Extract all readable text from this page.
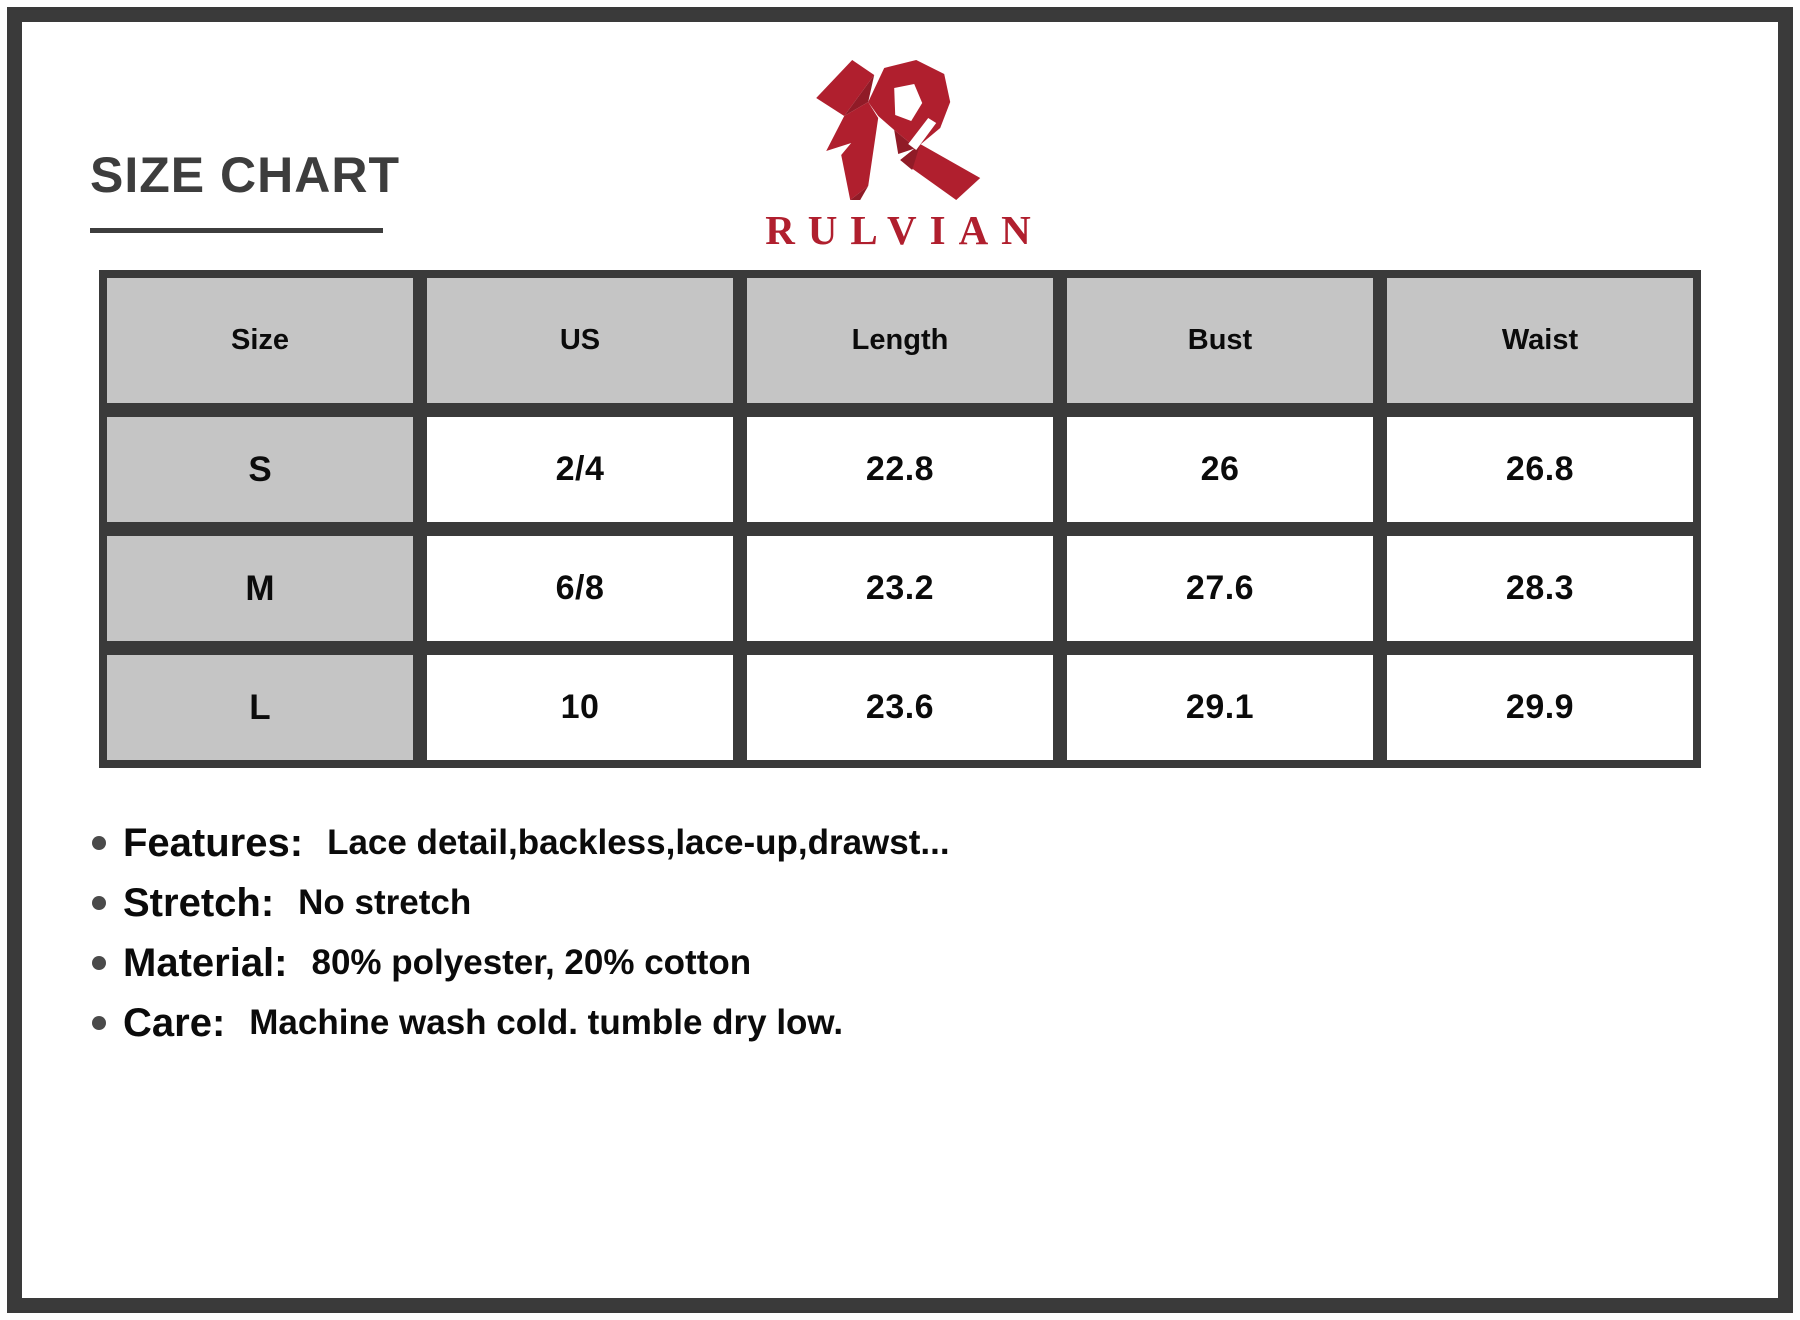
SIZE CHART
RULVIAN
Size	US	Length	Bust	Waist
S	2/4	22.8	26	26.8
M	6/8	23.2	27.6	28.3
L	10	23.6	29.1	29.9
Features: Lace detail,backless,lace-up,drawst...
Stretch: No stretch
Material: 80% polyester, 20% cotton
Care: Machine wash cold. tumble dry low.
